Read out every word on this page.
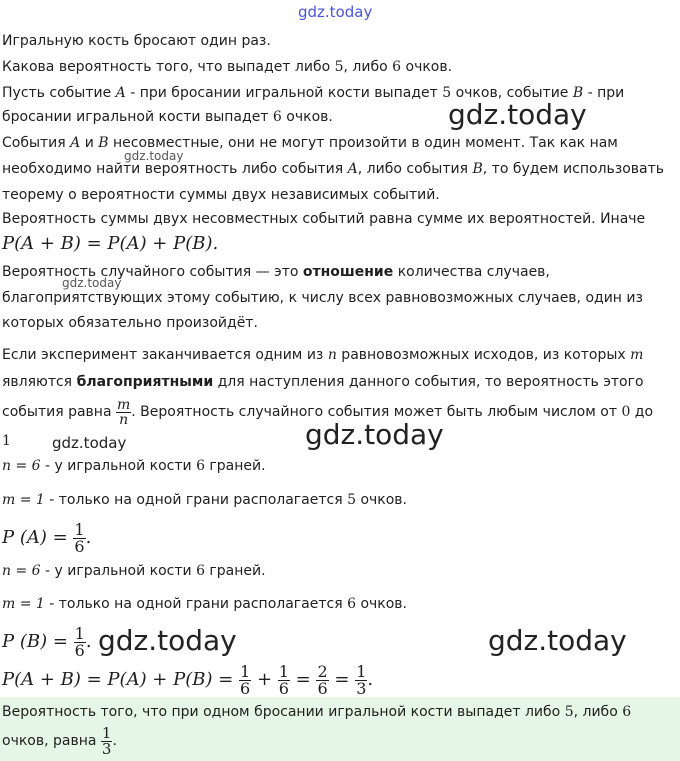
gdz.today
gdz.today
gdz.today
gdz.today
gdz.today
gdz.today
gdz.today	gdz.today
Игральную кость бросают один раз.
Какова вероятность того, что выпадет либо 5, либо 6 очков.
Пусть событие A - при бросании игральной кости выпадет 5 очков, событие B - при
бросании игральной кости выпадет 6 очков.
События A и B несовместные, они не могут произойти в один момент. Так как нам
необходимо найти вероятность либо события A, либо события B, то будем использовать
теорему о вероятности суммы двух независимых событий.
Вероятность суммы двух несовместных событий равна сумме их вероятностей. Иначе
P(A + B) = P(A) + P(B).
Вероятность случайного события — это отношение количества случаев,
благоприятствующих этому событию, к числу всех равновозможных случаев, один из
которых обязательно произойдёт.
Если эксперимент заканчивается одним из n равновозможных исходов, из которых m
являются благоприятными для наступления данного события, то вероятность этого
события равна $\frac{m}{n}$ . Вероятность случайного события может быть любым числом от 0 до
1
n = 6 - у игральной кости 6 граней.
m = 1 - только на одной грани располагается 5 очков.
P $(A) = \frac{1}{6}$ .
n = 6 - у игральной кости 6 граней.
m = 1 - только на одной грани располагается 6 очков.
P $(B) = \frac{1}{6}$ .
$P(A + B) = P(A) + P(B) = \frac{1}{6} + \frac{1}{6} = \frac{2}{6} = \frac{1}{3}$ .
Вероятность того, что при одном бросании игральной кости выпадет либо 5, либо 6
очков, равна $\frac{1}{3}$ .
